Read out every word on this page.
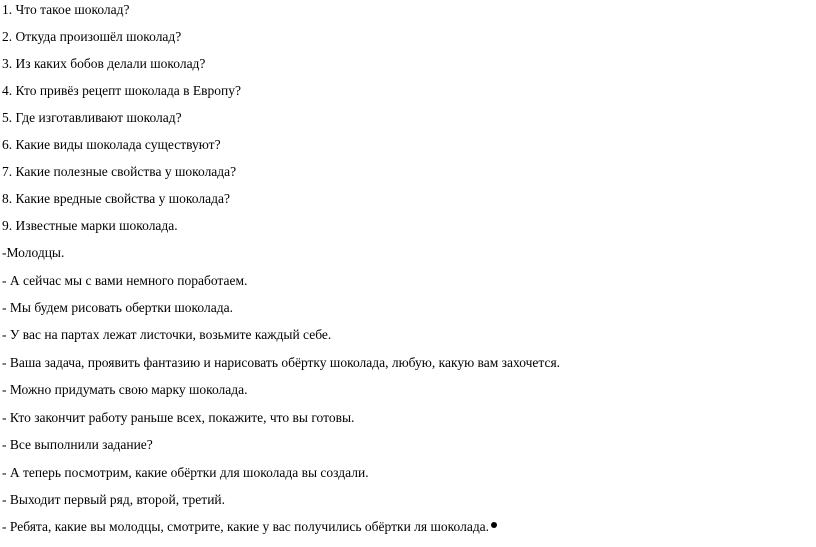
1. Что такое шоколад?
2. Откуда произошёл шоколад?
3. Из каких бобов делали шоколад?
4. Кто привёз рецепт шоколада в Европу?
5. Где изготавливают шоколад?
6. Какие виды шоколада существуют?
7. Какие полезные свойства у шоколада?
8. Какие вредные свойства у шоколада?
9. Известные марки шоколада.
-Молодцы.
- А сейчас мы с вами немного поработаем.
- Мы будем рисовать обертки шоколада.
- У вас на партах лежат листочки, возьмите каждый себе.
- Ваша задача, проявить фантазию и нарисовать обёртку шоколада, любую, какую вам захочется.
- Можно придумать свою марку шоколада.
- Кто закончит работу раньше всех, покажите, что вы готовы.
- Все выполнили задание?
- А теперь посмотрим, какие обёртки для шоколада вы создали.
- Выходит первый ряд, второй, третий.
- Ребята, какие вы молодцы, смотрите, какие у вас получились обёртки ля шоколада.
